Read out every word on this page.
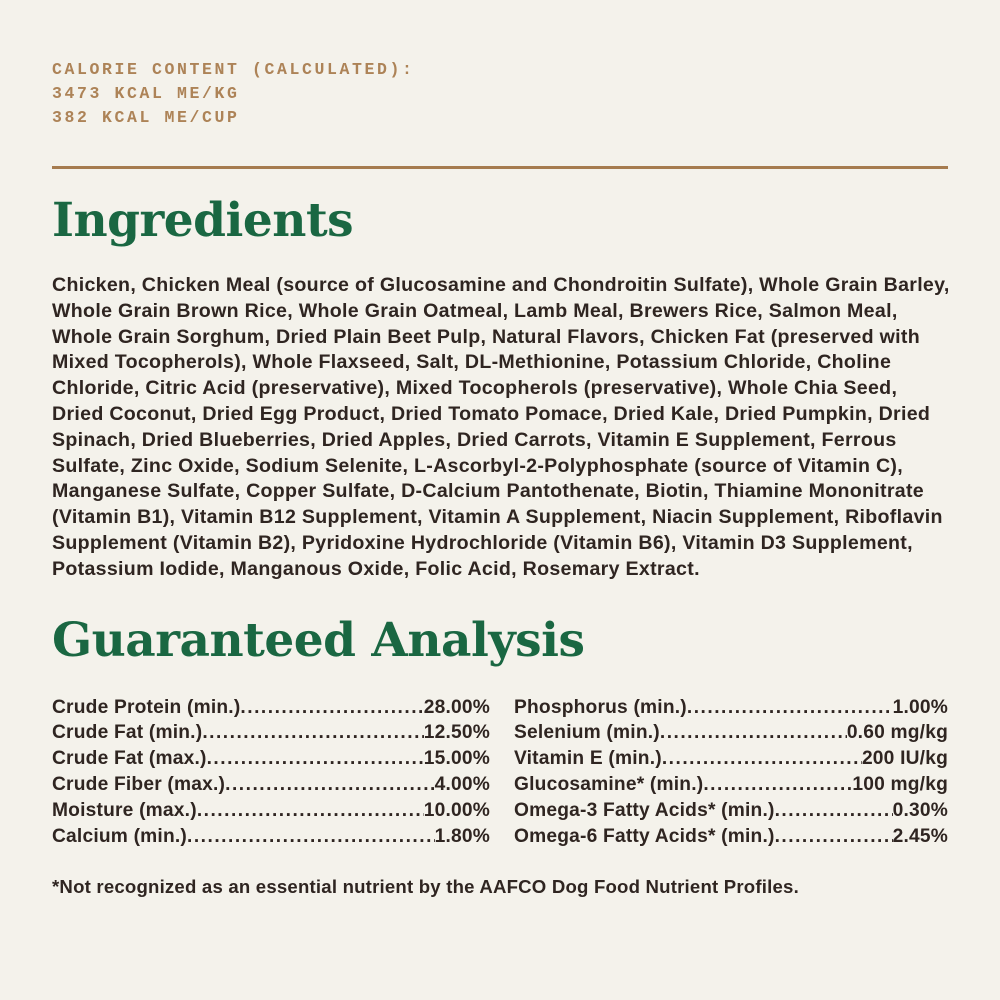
CALORIE CONTENT (CALCULATED):
3473 KCAL ME/KG
382 KCAL ME/CUP
Ingredients

Chicken, Chicken Meal (source of Glucosamine and Chondroitin Sulfate), Whole Grain Barley, Whole Grain Brown Rice, Whole Grain Oatmeal, Lamb Meal, Brewers Rice, Salmon Meal, Whole Grain Sorghum, Dried Plain Beet Pulp, Natural Flavors, Chicken Fat (preserved with Mixed Tocopherols), Whole Flaxseed, Salt, DL-Methionine, Potassium Chloride, Choline Chloride, Citric Acid (preservative), Mixed Tocopherols (preservative), Whole Chia Seed, Dried Coconut, Dried Egg Product, Dried Tomato Pomace, Dried Kale, Dried Pumpkin, Dried Spinach, Dried Blueberries, Dried Apples, Dried Carrots, Vitamin E Supplement, Ferrous Sulfate, Zinc Oxide, Sodium Selenite, L-Ascorbyl-2-Polyphosphate (source of Vitamin C), Manganese Sulfate, Copper Sulfate, D-Calcium Pantothenate, Biotin, Thiamine Mononitrate (Vitamin B1), Vitamin B12 Supplement, Vitamin A Supplement, Niacin Supplement, Riboflavin Supplement (Vitamin B2), Pyridoxine Hydrochloride (Vitamin B6), Vitamin D3 Supplement, Potassium Iodide, Manganous Oxide, Folic Acid, Rosemary Extract.

Guaranteed Analysis
Crude Protein (min.) .....	28.00%
Crude Fat (min.) .....	12.50%
Crude Fat (max.) .....	15.00%
Crude Fiber (max.) .....	4.00%
Moisture (max.) .....	10.00%
Calcium (min.) .....	1.80%
Phosphorus (min.) .....	1.00%
Selenium (min.) .....	0.60 mg/kg
Vitamin E (min.) .....	200 IU/kg
Glucosamine* (min.) .....	100 mg/kg
Omega-3 Fatty Acids* (min.) .....	0.30%
Omega-6 Fatty Acids* (min.) .....	2.45%

*Not recognized as an essential nutrient by the AAFCO Dog Food Nutrient Profiles.
